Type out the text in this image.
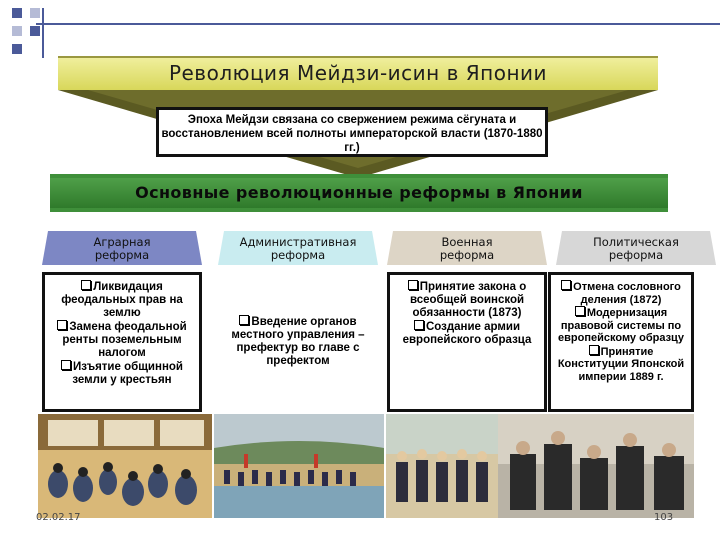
Революция Мейдзи-исин в Японии
Эпоха Мейдзи связана со свержением режима сёгуната и восстановлением всей полноты императорской власти (1870-1880 гг.)
Основные революционные реформы в Японии
Аграрная
реформа
Ликвидация феодальных прав на землю
Замена феодальной ренты поземельным налогом
Изъятие общинной земли у крестьян
Административная
реформа
Введение органов местного управления – префектур во главе с префектом
Военная
реформа
Принятие закона о всеобщей воинской обязанности (1873)
Создание армии европейского образца
Политическая
реформа
Отмена сословного деления (1872)
Модернизация правовой системы по европейскому образцу
Принятие Конституции Японской империи 1889 г.
02.02.17	103
